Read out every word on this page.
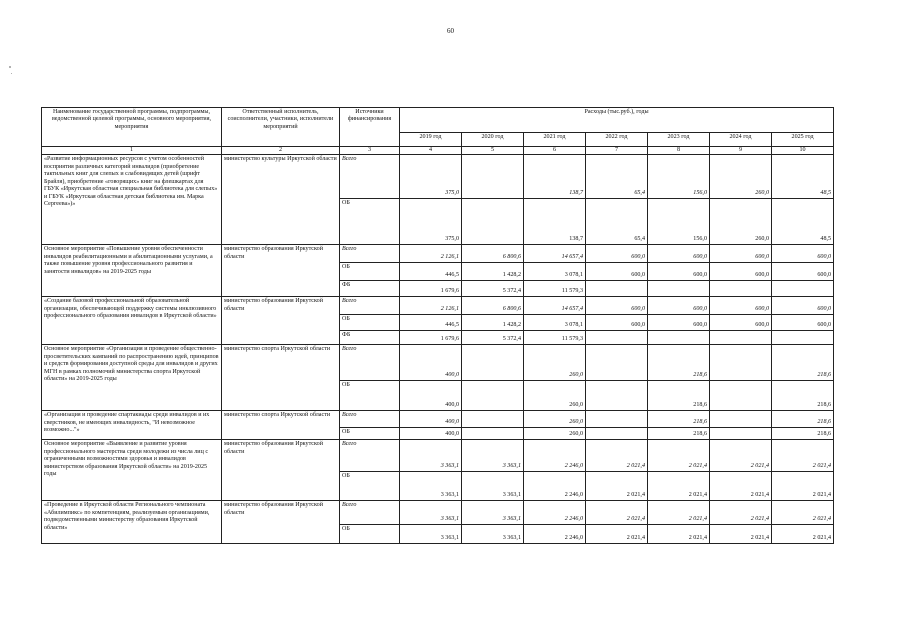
60
Наименование государственной программы, подпрограммы, ведомственной целевой программы, основного мероприятия, мероприятия	Ответственный исполнитель, соисполнители, участники, исполнители мероприятий	Источники финансирования	Расходы (тыс.руб.), годы						
			2019 год	2020 год	2021 год	2022 год	2023 год	2024 год	2025 год
1	2	3	4	5	6	7	8	9	10
«Развитие информационных ресурсов с учетом особенностей восприятия различных категорий инвалидов (приобретение тактильных книг для слепых и слабовидящих детей (шрифт Брайля), приобретение «говорящих» книг на флешкартах для ГБУК «Иркутская областная специальная библиотека для слепых» и ГБУК «Иркутская областная детская библиотека им. Марка Сергеева»)»	министерство культуры Иркутской области	Всего	375,0		138,7	65,4	156,0	260,0	48,5
		ОБ	375,0		138,7	65,4	156,0	260,0	48,5
Основное мероприятие «Повышение уровня обеспеченности инвалидов реабилитационными и абилитационными услугами, а также повышение уровня профессионального развития и занятости инвалидов» на 2019-2025 годы	министерство образования Иркутской области	Всего	2 126,1	6 800,6	14 657,4	600,0	600,0	600,0	600,0
		ОБ	446,5	1 428,2	3 078,1	600,0	600,0	600,0	600,0
		ФБ	1 679,6	5 372,4	11 579,3				
«Создание базовой профессиональной образовательной организации, обеспечивающей поддержку системы инклюзивного профессионального образования инвалидов в Иркутской области»	министерство образования Иркутской области	Всего	2 126,1	6 800,6	14 657,4	600,0	600,0	600,0	600,0
		ОБ	446,5	1 428,2	3 078,1	600,0	600,0	600,0	600,0
		ФБ	1 679,6	5 372,4	11 579,3				
Основное мероприятие «Организация и проведение общественно-просветительских кампаний по распространению идей, принципов и средств формирования доступной среды для инвалидов и других МГН в рамках полномочий министерства спорта Иркутской области» на 2019-2025 годы	министерство спорта Иркутской области	Всего	400,0		260,0		218,6		218,6
		ОБ	400,0		260,0		218,6		218,6
«Организация и проведение спартакиады среди инвалидов и их сверстников, не имеющих инвалидность, "И невозможное возможно..."»	министерство спорта Иркутской области	Всего	400,0		260,0		218,6		218,6
		ОБ	400,0		260,0		218,6		218,6
Основное мероприятие «Выявление и развитие уровня профессионального мастерства среди молодежи из числа лиц с ограниченными возможностями здоровья и инвалидов министерством образования Иркутской области» на 2019-2025 годы	министерство образования Иркутской области	Всего	3 363,1	3 363,1	2 246,0	2 021,4	2 021,4	2 021,4	2 021,4
		ОБ	3 363,1	3 363,1	2 246,0	2 021,4	2 021,4	2 021,4	2 021,4
«Проведение в Иркутской области Регионального чемпионата «Абилимпикс» по компетенциям, реализуемым организациями, подведомственными министерству образования Иркутской области»	министерство образования Иркутской области	Всего	3 363,1	3 363,1	2 246,0	2 021,4	2 021,4	2 021,4	2 021,4
		ОБ	3 363,1	3 363,1	2 246,0	2 021,4	2 021,4	2 021,4	2 021,4
